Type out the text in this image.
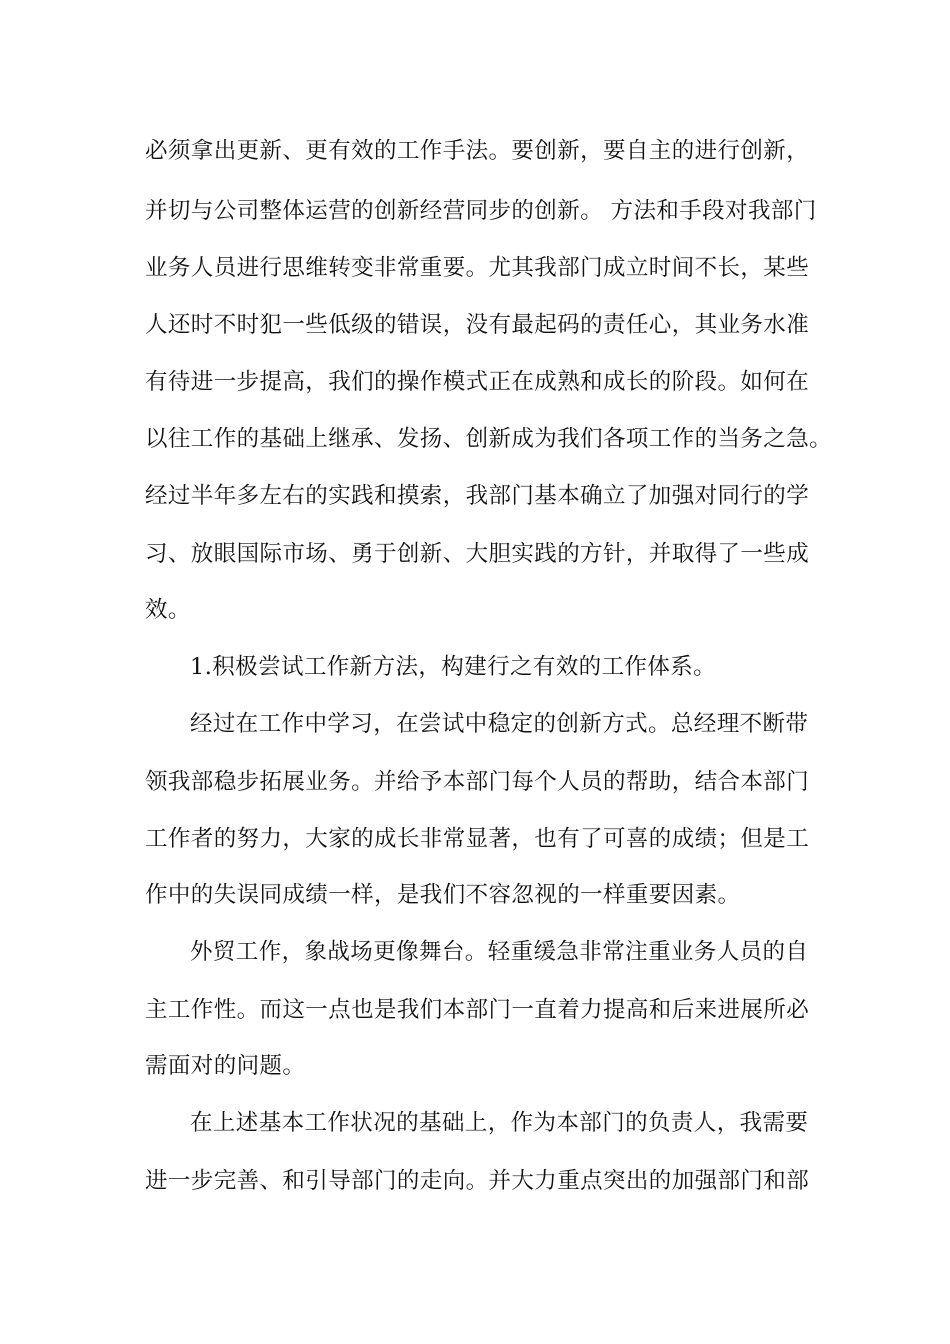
必须拿出更新、更有效的工作手法。要创新，要自主的进行创新，
并切与公司整体运营的创新经营同步的创新。 方法和手段对我部门
业务人员进行思维转变非常重要。尤其我部门成立时间不长，某些
人还时不时犯一些低级的错误，没有最起码的责任心，其业务水准
有待进一步提高，我们的操作模式正在成熟和成长的阶段。如何在
以往工作的基础上继承、发扬、创新成为我们各项工作的当务之急。
经过半年多左右的实践和摸索，我部门基本确立了加强对同行的学
习、放眼国际市场、勇于创新、大胆实践的方针，并取得了一些成
效。
1.积极尝试工作新方法，构建行之有效的工作体系。
经过在工作中学习，在尝试中稳定的创新方式。总经理不断带
领我部稳步拓展业务。并给予本部门每个人员的帮助，结合本部门
工作者的努力，大家的成长非常显著，也有了可喜的成绩；但是工
作中的失误同成绩一样，是我们不容忽视的一样重要因素。
外贸工作，象战场更像舞台。轻重缓急非常注重业务人员的自
主工作性。而这一点也是我们本部门一直着力提高和后来进展所必
需面对的问题。
在上述基本工作状况的基础上，作为本部门的负责人，我需要
进一步完善、和引导部门的走向。并大力重点突出的加强部门和部
